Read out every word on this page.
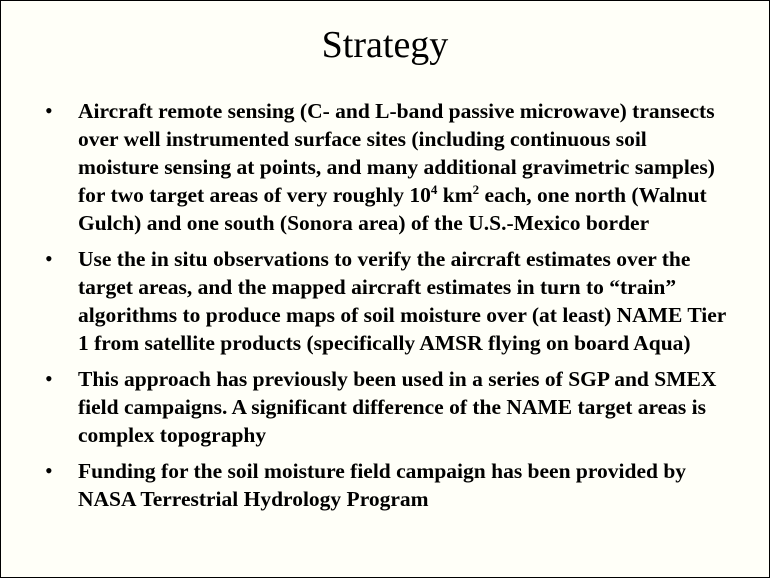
Strategy
• Aircraft remote sensing (C- and L-band passive microwave) transects over well instrumented surface sites (including continuous soil moisture sensing at points, and many additional gravimetric samples) for two target areas of very roughly $10^4$ $km^2$ each, one north (Walnut Gulch) and one south (Sonora area) of the U.S.-Mexico border
• Use the in situ observations to verify the aircraft estimates over the target areas, and the mapped aircraft estimates in turn to “train” algorithms to produce maps of soil moisture over (at least) NAME Tier 1 from satellite products (specifically AMSR flying on board Aqua)
• This approach has previously been used in a series of SGP and SMEX field campaigns. A significant difference of the NAME target areas is complex topography
• Funding for the soil moisture field campaign has been provided by NASA Terrestrial Hydrology Program
